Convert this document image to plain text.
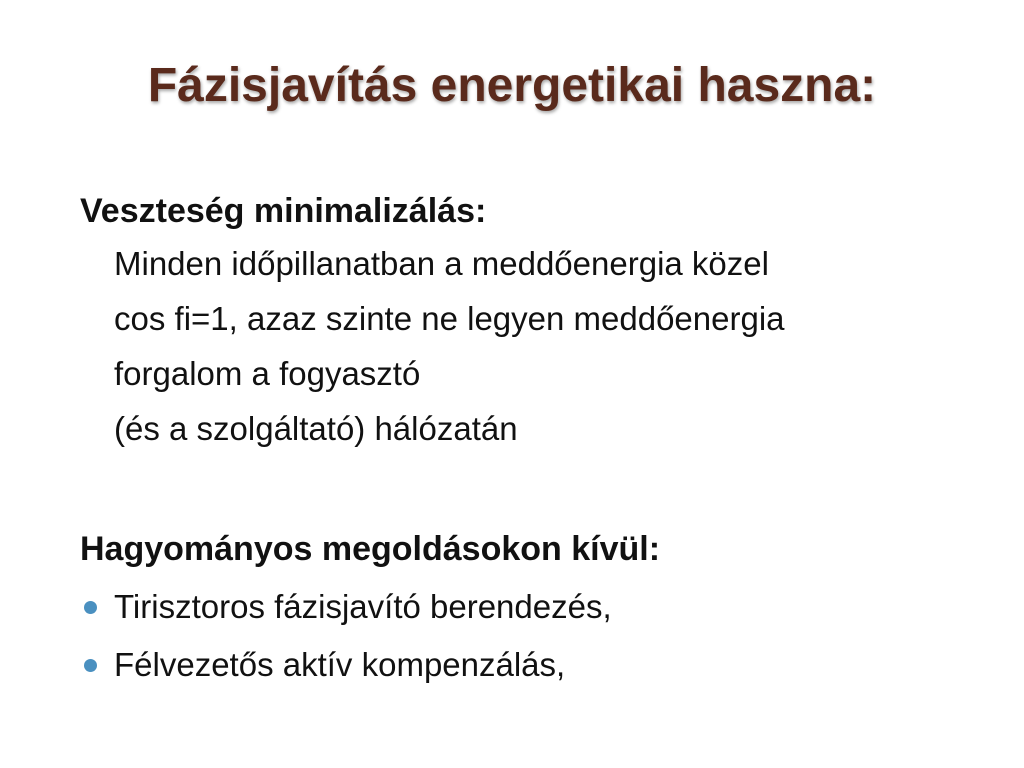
Fázisjavítás energetikai haszna:

Veszteség minimalizálás:

Minden időpillanatban a meddőenergia közel

cos fi=1, azaz szinte ne legyen meddőenergia

forgalom a fogyasztó

(és a szolgáltató) hálózatán

Hagyományos megoldásokon kívül:

Tirisztoros fázisjavító berendezés,
Félvezetős aktív kompenzálás,
